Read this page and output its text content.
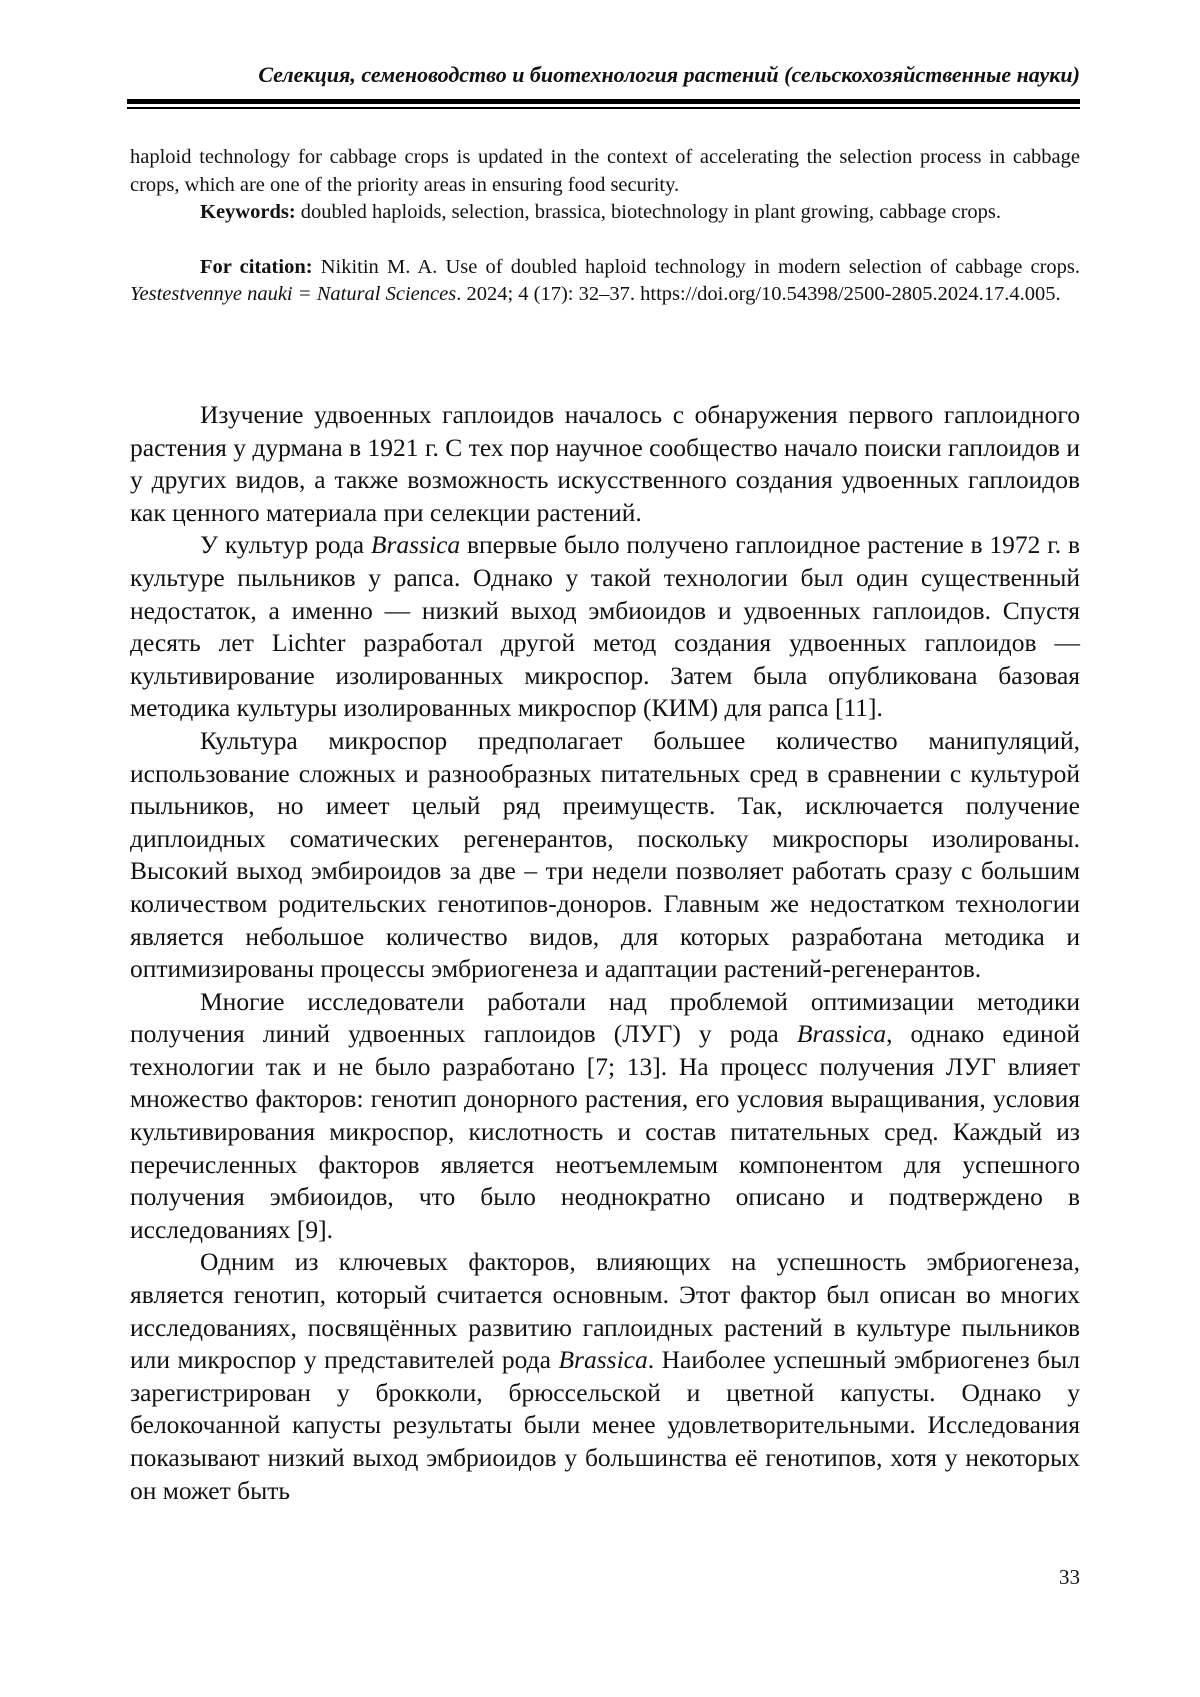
Селекция, семеноводство и биотехнология растений (сельскохозяйственные науки)

haploid technology for cabbage crops is updated in the context of accelerating the selection process in cabbage crops, which are one of the priority areas in ensuring food security.

Keywords: doubled haploids, selection, brassica, biotechnology in plant growing, cabbage crops.

For citation: Nikitin M. A. Use of doubled haploid technology in modern selection of cabbage crops. Yestestvennye nauki = Natural Sciences. 2024; 4 (17): 32–37. https://doi.org/10.54398/2500-2805.2024.17.4.005.

Изучение удвоенных гаплоидов началось с обнаружения первого гаплоидного растения у дурмана в 1921 г. С тех пор научное сообщество начало поиски гаплоидов и у других видов, а также возможность искусственного создания удвоенных гаплоидов как ценного материала при селекции растений.

У культур рода Brassica впервые было получено гаплоидное растение в 1972 г. в культуре пыльников у рапса. Однако у такой технологии был один существенный недостаток, а именно — низкий выход эмбиоидов и удвоенных гаплоидов. Спустя десять лет Lichter разработал другой метод создания удвоенных гаплоидов — культивирование изолированных микроспор. Затем была опубликована базовая методика культуры изолированных микроспор (КИМ) для рапса [11].

Культура микроспор предполагает большее количество манипуляций, использование сложных и разнообразных питательных сред в сравнении с культурой пыльников, но имеет целый ряд преимуществ. Так, исключается получение диплоидных соматических регенерантов, поскольку микроспоры изолированы. Высокий выход эмбироидов за две – три недели позволяет работать сразу с большим количеством родительских генотипов-доноров. Главным же недостатком технологии является небольшое количество видов, для которых разработана методика и оптимизированы процессы эмбриогенеза и адаптации растений-регенерантов.

Многие исследователи работали над проблемой оптимизации методики получения линий удвоенных гаплоидов (ЛУГ) у рода Brassica, однако единой технологии так и не было разработано [7; 13]. На процесс получения ЛУГ влияет множество факторов: генотип донорного растения, его условия выращивания, условия культивирования микроспор, кислотность и состав питательных сред. Каждый из перечисленных факторов является неотъемлемым компонентом для успешного получения эмбиоидов, что было неоднократно описано и подтверждено в исследованиях [9].

Одним из ключевых факторов, влияющих на успешность эмбриогенеза, является генотип, который считается основным. Этот фактор был описан во многих исследованиях, посвящённых развитию гаплоидных растений в культуре пыльников или микроспор у представителей рода Brassica. Наиболее успешный эмбриогенез был зарегистрирован у брокколи, брюссельской и цветной капусты. Однако у белокочанной капусты результаты были менее удовлетворительными. Исследования показывают низкий выход эмбриоидов у большинства её генотипов, хотя у некоторых он может быть

33
